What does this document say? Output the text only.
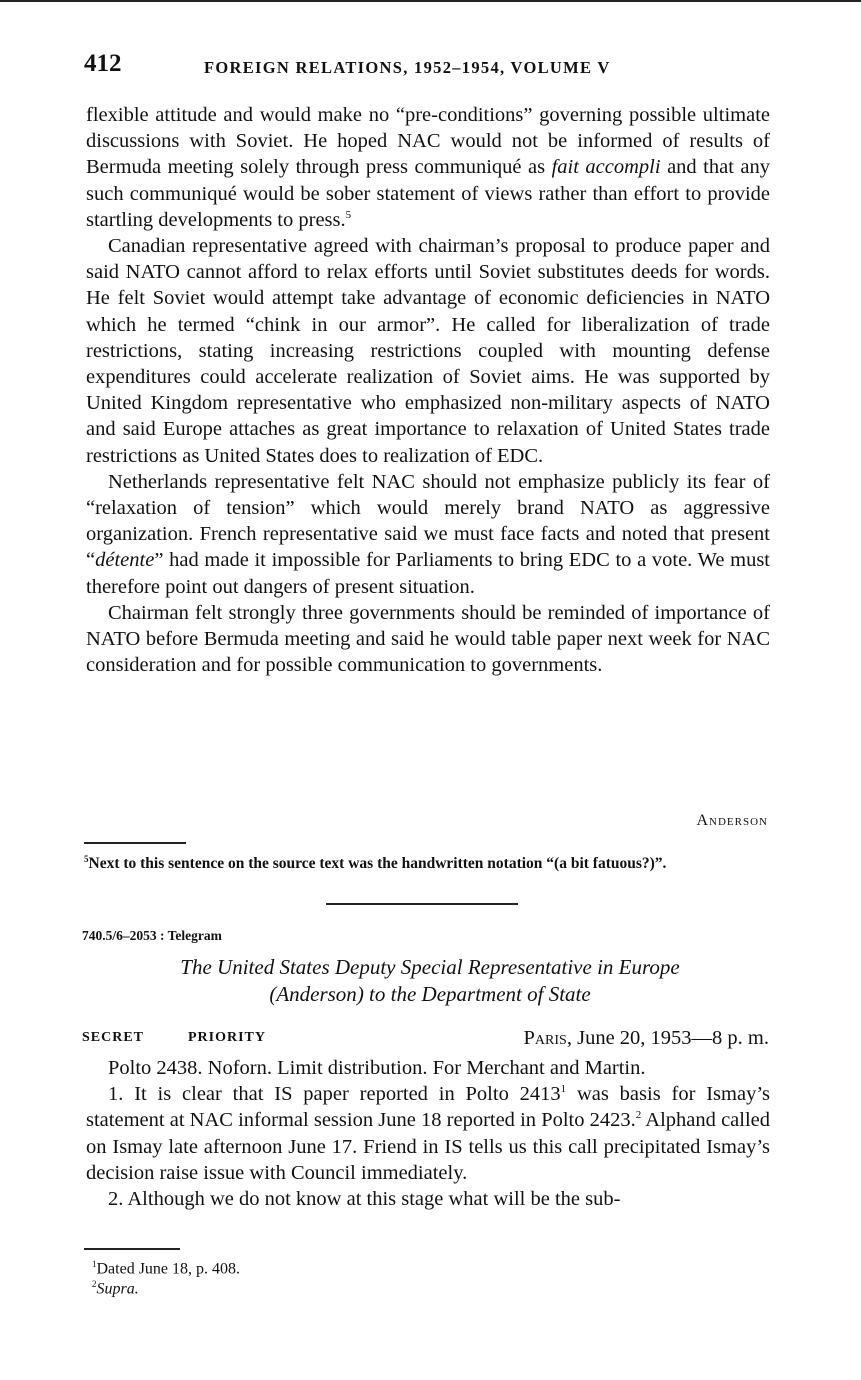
412	FOREIGN RELATIONS, 1952–1954, VOLUME V

flexible attitude and would make no “pre-conditions” governing possible ultimate discussions with Soviet. He hoped NAC would not be informed of results of Bermuda meeting solely through press communiqué as fait accompli and that any such communiqué would be sober statement of views rather than effort to provide startling developments to press.$^5$

Canadian representative agreed with chairman’s proposal to produce paper and said NATO cannot afford to relax efforts until Soviet substitutes deeds for words. He felt Soviet would attempt take advantage of economic deficiencies in NATO which he termed “chink in our armor”. He called for liberalization of trade restrictions, stating increasing restrictions coupled with mounting defense expenditures could accelerate realization of Soviet aims. He was supported by United Kingdom representative who emphasized non-military aspects of NATO and said Europe attaches as great importance to relaxation of United States trade restrictions as United States does to realization of EDC.

Netherlands representative felt NAC should not emphasize publicly its fear of “relaxation of tension” which would merely brand NATO as aggressive organization. French representative said we must face facts and noted that present “détente” had made it impossible for Parliaments to bring EDC to a vote. We must therefore point out dangers of present situation.

Chairman felt strongly three governments should be reminded of importance of NATO before Bermuda meeting and said he would table paper next week for NAC consideration and for possible communication to governments.

Anderson
$^5$Next to this sentence on the source text was the handwritten notation “(a bit fatuous?)”.
740.5/6–2053 : Telegram
The United States Deputy Special Representative in Europe
(Anderson) to the Department of State
SECRET	PRIORITY	Paris, June 20, 1953—8 p. m.

Polto 2438. Noforn. Limit distribution. For Merchant and Martin.

1. It is clear that IS paper reported in Polto 2413$^1$ was basis for Ismay’s statement at NAC informal session June 18 reported in Polto 2423.$^2$ Alphand called on Ismay late afternoon June 17. Friend in IS tells us this call precipitated Ismay’s decision raise issue with Council immediately.

2. Although we do not know at this stage what will be the sub-

$^1$Dated June 18, p. 408.
$^2$Supra.
